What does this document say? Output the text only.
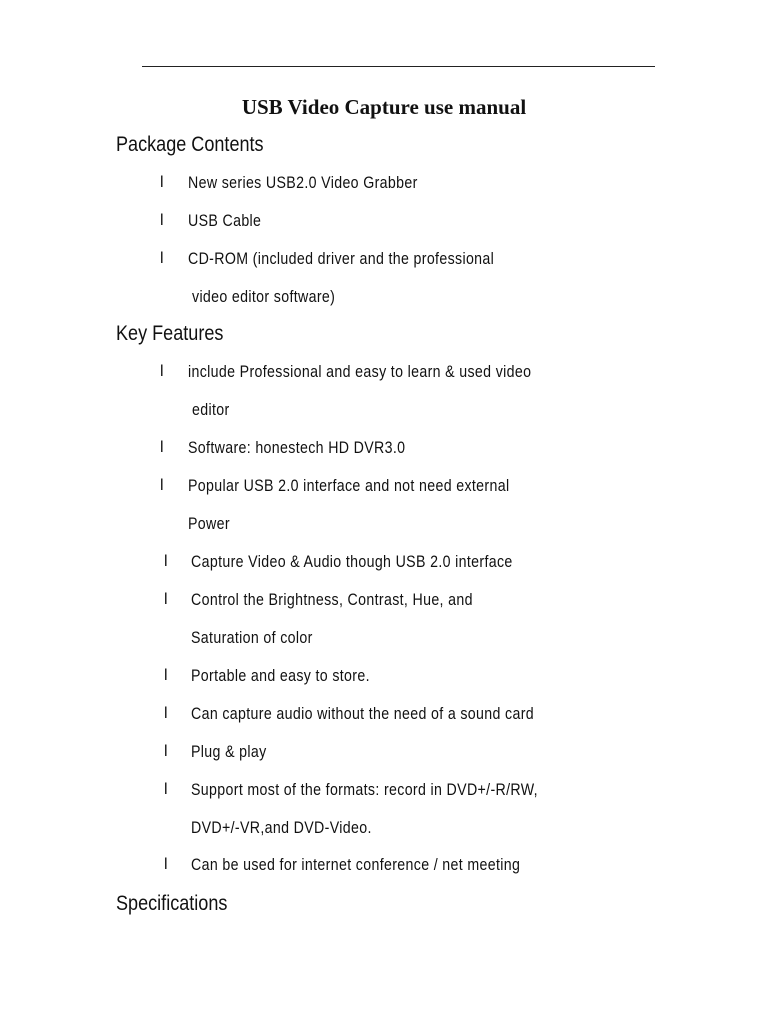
USB Video Capture use manual
Package Contents
l New series USB2.0 Video Grabber
l USB Cable
l CD-ROM (included driver and the professional
video editor software)
Key Features
l include Professional and easy to learn & used video
editor
l Software: honestech HD DVR3.0
l Popular USB 2.0 interface and not need external
Power
l Capture Video & Audio though USB 2.0 interface
l Control the Brightness, Contrast, Hue, and
Saturation of color
l Portable and easy to store.
l Can capture audio without the need of a sound card
l Plug & play
l Support most of the formats: record in DVD+/-R/RW,
DVD+/-VR,and DVD-Video.
l Can be used for internet conference / net meeting
Specifications
